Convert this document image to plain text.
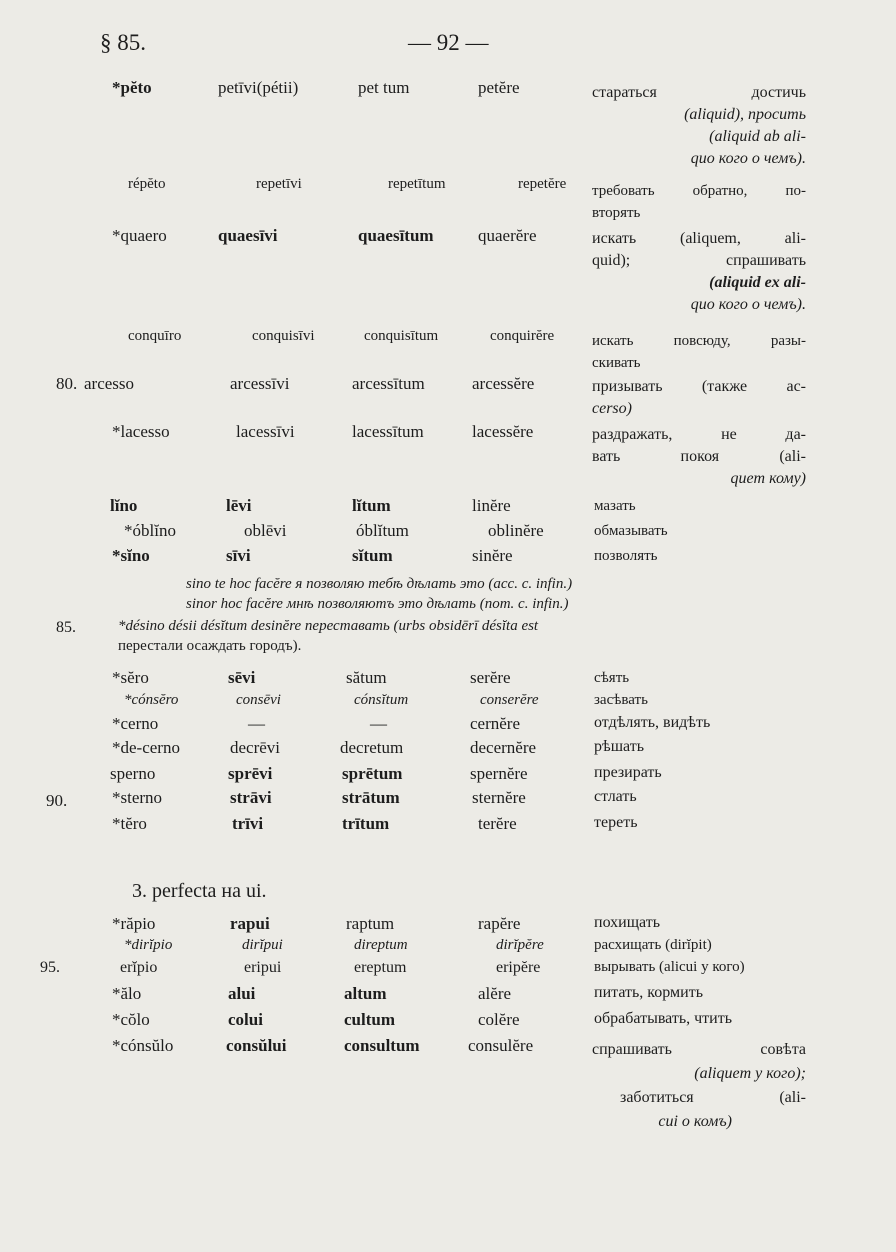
§ 85.	— 92 —
*pĕto	petīvi(pétii)	pet tum	petĕre	стараться достичь
(aliquid), просить
(aliquid ab ali-
quo кого о чемъ).
répĕto	repetīvi	repetītum	repetĕre требовать обратно, по-
вторять
*quaero	quaesīvi	quaesītum	quaerĕre	искать (aliquem, ali-
quid); спрашивать
(aliquid ex ali-
quo кого о чемъ).
conquīro	conquisīvi	conquisītum	conquirĕre	искать повсюду, разы-
скивать
80. arcesso	arcessīvi	arcessītum	arcessĕre	призывать (также ac-
cerso)
*lacesso	lacessīvi	lacessītum	lacessĕre	раздражать, не да-
вать покоя (ali-
quem кому)
lĭno	lēvi	lĭtum	linĕre	мазать
*óblĭno	oblēvi	óblĭtum	oblinĕre	обмазывать
*sĭno	sīvi	sĭtum	sinĕre	позволять
sino te hoc facĕre я позволяю тебѣ дѣлать это (acc. c. infin.)
sinor hoc facĕre мнѣ позволяютъ это дѣлать (nom. c. infin.)
85.	*désino désii désĭtum desinĕre переставать (urbs obsidērī désĭta est
перестали осаждать городъ).
*sĕro	sēvi	sătum	serĕre	сѣять
*cónsĕro	consēvi	cónsĭtum	conserĕre	засѣвать
*cerno	—	—	cernĕre	отдѣлять, видѣть
*de-cerno	decrēvi	decretum	decernĕre	рѣшать
sperno	sprēvi	sprētum	spernĕre	презирать
90.	*sterno	strāvi	strātum	sternĕre	стлать
*tĕro	trīvi	trītum	terĕre	тереть
3. perfecta на ui.
*răpio	rapui	raptum	rapĕre	похищать
*dirĭpio	dirĭpui	direptum	dirĭpĕre	расхищать (dirĭpit)
95.	erĭpio	eripui	ereptum	eripĕre	вырывать (alicui у кого)
*ălo	alui	altum	alĕre	питать, кормить
*cŏlo	colui	cultum	colĕre	обрабатывать, чтить
*cónsŭlo	consŭlui	consultum	consulĕre	спрашивать совѣта
(aliquem у кого);
заботиться (ali-
cui о комъ)
